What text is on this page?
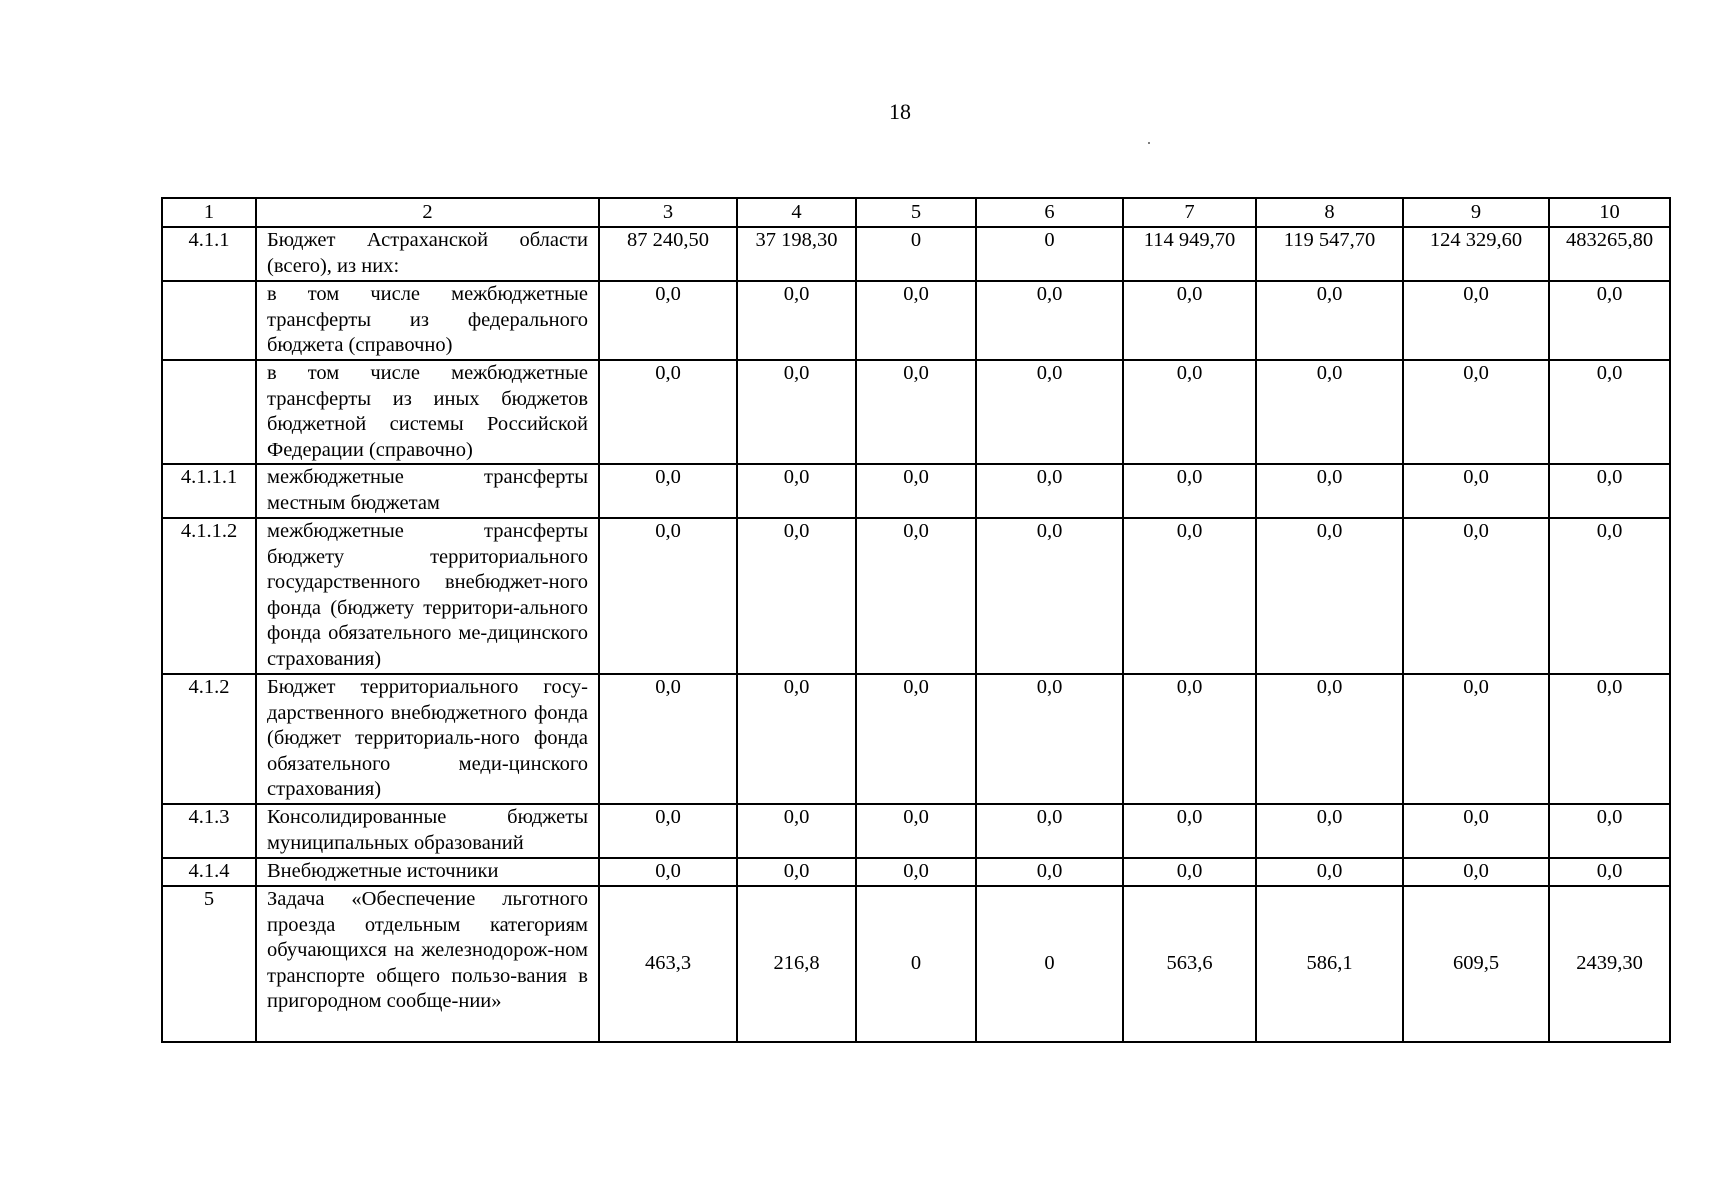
18
1	2	3	4	5	6	7	8	9	10
4.1.1	Бюджет Астраханской области (всего), из них:	87 240,50	37 198,30	0	0	114 949,70	119 547,70	124 329,60	483265,80
	в том числе межбюджетные трансферты из федерального бюджета (справочно)	0,0	0,0	0,0	0,0	0,0	0,0	0,0	0,0
	в том числе межбюджетные трансферты из иных бюджетов бюджетной системы Российской Федерации (справочно)	0,0	0,0	0,0	0,0	0,0	0,0	0,0	0,0
4.1.1.1	межбюджетные трансферты местным бюджетам	0,0	0,0	0,0	0,0	0,0	0,0	0,0	0,0
4.1.1.2	межбюджетные трансферты бюджету территориального государственного внебюджет-ного фонда (бюджету территори-ального фонда обязательного ме-дицинского страхования)	0,0	0,0	0,0	0,0	0,0	0,0	0,0	0,0
4.1.2	Бюджет территориального госу-дарственного внебюджетного фонда (бюджет территориаль-ного фонда обязательного меди-цинского страхования)	0,0	0,0	0,0	0,0	0,0	0,0	0,0	0,0
4.1.3	Консолидированные бюджеты муниципальных образований	0,0	0,0	0,0	0,0	0,0	0,0	0,0	0,0
4.1.4	Внебюджетные источники	0,0	0,0	0,0	0,0	0,0	0,0	0,0	0,0
5	Задача «Обеспечение льготного проезда отдельным категориям обучающихся на железнодорож-ном транспорте общего пользо-вания в пригородном сообще-нии»	463,3	216,8	0	0	563,6	586,1	609,5	2439,30
